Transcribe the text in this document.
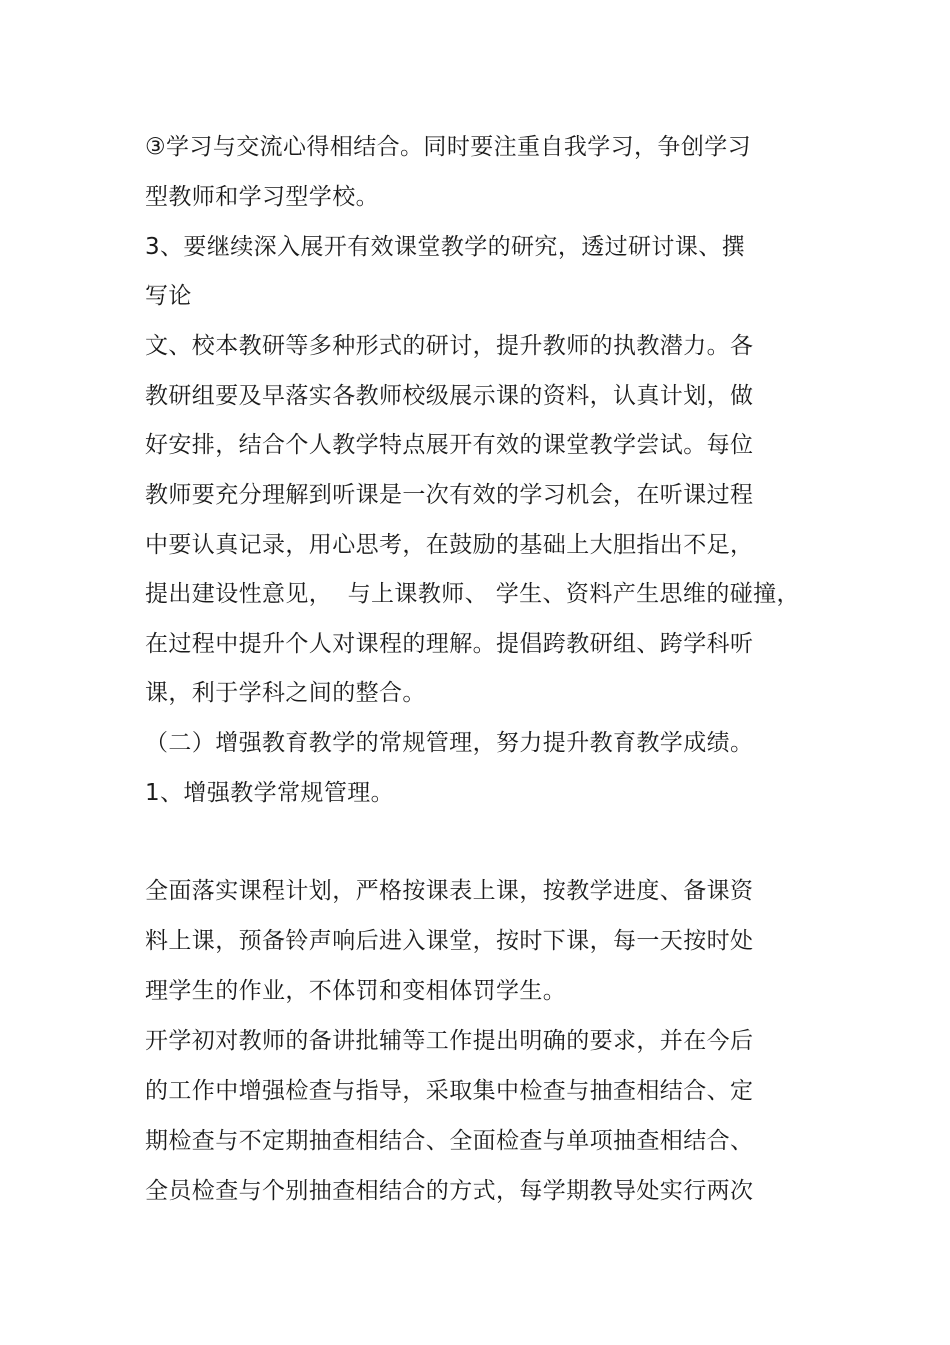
③学习与交流心得相结合。同时要注重自我学习，争创学习
型教师和学习型学校。
3、要继续深入展开有效课堂教学的研究，透过研讨课、撰
写论
文、校本教研等多种形式的研讨，提升教师的执教潜力。各
教研组要及早落实各教师校级展示课的资料，认真计划，做
好安排，结合个人教学特点展开有效的课堂教学尝试。每位
教师要充分理解到听课是一次有效的学习机会，在听课过程
中要认真记录，用心思考，在鼓励的基础上大胆指出不足，
提出建设性意见，  与上课教师、 学生、资料产生思维的碰撞，
在过程中提升个人对课程的理解。提倡跨教研组、跨学科听
课，利于学科之间的整合。
（二）增强教育教学的常规管理，努力提升教育教学成绩。
1、增强教学常规管理。
全面落实课程计划，严格按课表上课，按教学进度、备课资
料上课，预备铃声响后进入课堂，按时下课，每一天按时处
理学生的作业，不体罚和变相体罚学生。
开学初对教师的备讲批辅等工作提出明确的要求，并在今后
的工作中增强检查与指导，采取集中检查与抽查相结合、定
期检查与不定期抽查相结合、全面检查与单项抽查相结合、
全员检查与个别抽查相结合的方式，每学期教导处实行两次
